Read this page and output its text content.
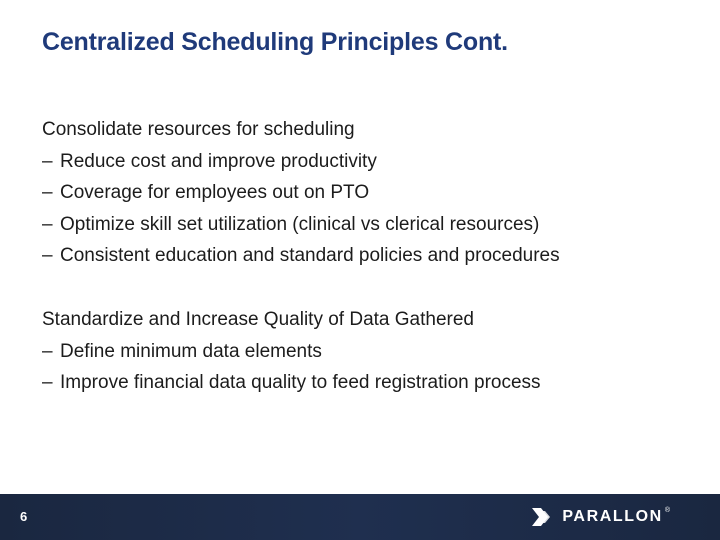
Centralized Scheduling Principles Cont.
Consolidate resources for scheduling
– Reduce cost and improve productivity
– Coverage for employees out on PTO
– Optimize skill set utilization (clinical vs clerical resources)
– Consistent education and standard policies and procedures
Standardize and Increase Quality of Data Gathered
– Define minimum data elements
– Improve financial data quality to feed registration process
6	PARALLON ®
